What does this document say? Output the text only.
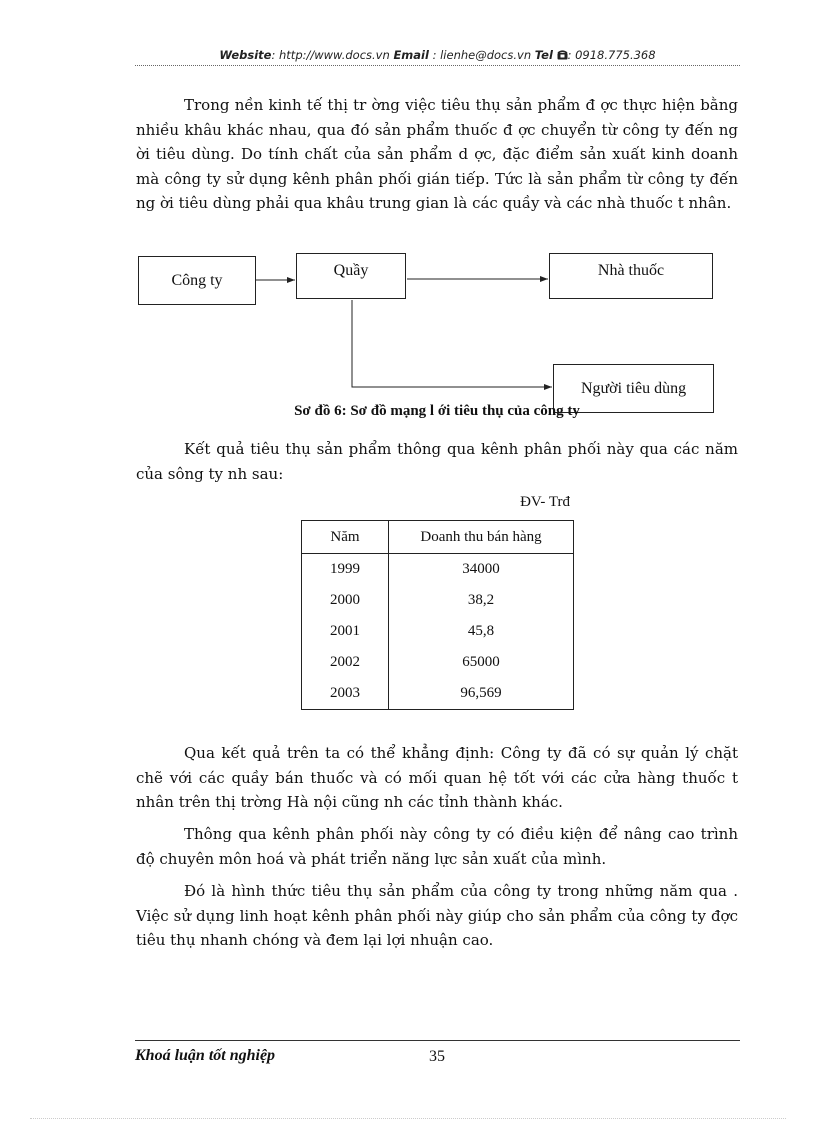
Website: http://www.docs.vn Email : lienhe@docs.vn Tel : 0918.775.368

Trong nền kinh tế thị tr ờng việc tiêu thụ sản phẩm đ ợc thực hiện bằng nhiều khâu khác nhau, qua đó sản phẩm thuốc đ ợc chuyển từ công ty đến ng ời tiêu dùng. Do tính chất của sản phẩm d ợc, đặc điểm sản xuất kinh doanh mà công ty sử dụng kênh phân phối gián tiếp. Tức là sản phẩm từ công ty đến ng ời tiêu dùng phải qua khâu trung gian là các quầy và các nhà thuốc t nhân.

Công ty
Quầy	Nhà thuốc
Người tiêu dùng
Sơ đồ 6: Sơ đồ mạng l ới tiêu thụ của công ty

Kết quả tiêu thụ sản phẩm thông qua kênh phân phối này qua các năm của sông ty nh sau:

ĐV- Trđ
Năm	Doanh thu bán hàng
1999	34000
2000	38,2
2001	45,8
2002	65000
2003	96,569

Qua kết quả trên ta có thể khẳng định: Công ty đã có sự quản lý chặt chẽ với các quầy bán thuốc và có mối quan hệ tốt với các cửa hàng thuốc t nhân trên thị trờng Hà nội cũng nh các tỉnh thành khác.

Thông qua kênh phân phối này công ty có điều kiện để nâng cao trình độ chuyên môn hoá và phát triển năng lực sản xuất của mình.

Đó là hình thức tiêu thụ sản phẩm của công ty trong những năm qua . Việc sử dụng linh hoạt kênh phân phối này giúp cho sản phẩm của công ty đợc tiêu thụ nhanh chóng và đem lại lợi nhuận cao.

Khoá luận tốt nghiệp	35
